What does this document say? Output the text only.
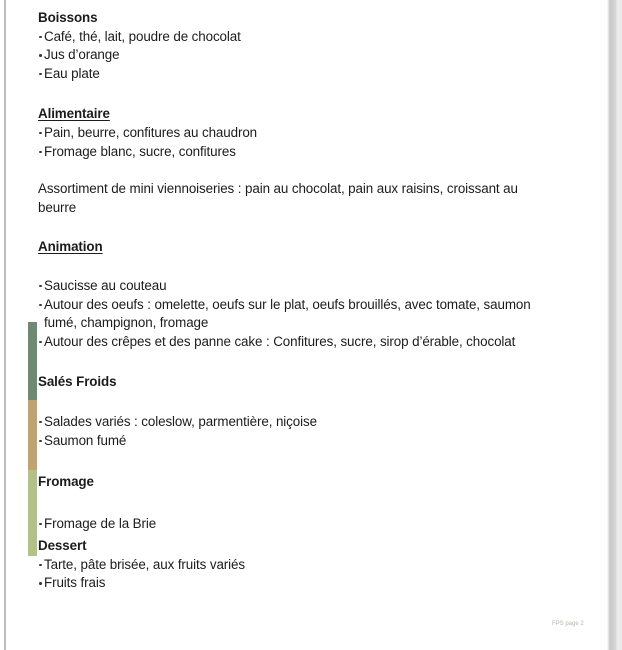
Boissons
Café, thé, lait, poudre de chocolat
Jus d’orange
Eau plate
Alimentaire
Pain, beurre, confitures au chaudron
Fromage blanc, sucre, confitures
Assortiment de mini viennoiseries : pain au chocolat, pain aux raisins, croissant au beurre
Animation
Saucisse au couteau
Autour des oeufs : omelette, oeufs sur le plat, oeufs brouillés, avec tomate, saumon fumé, champignon, fromage
Autour des crêpes et des panne cake : Confitures, sucre, sirop d’érable, chocolat
Salés Froids
Salades variés : coleslow, parmentière, niçoise
Saumon fumé
Fromage
Fromage de la Brie
Dessert
Tarte, pâte brisée, aux fruits variés
Fruits frais
FPS page 2
